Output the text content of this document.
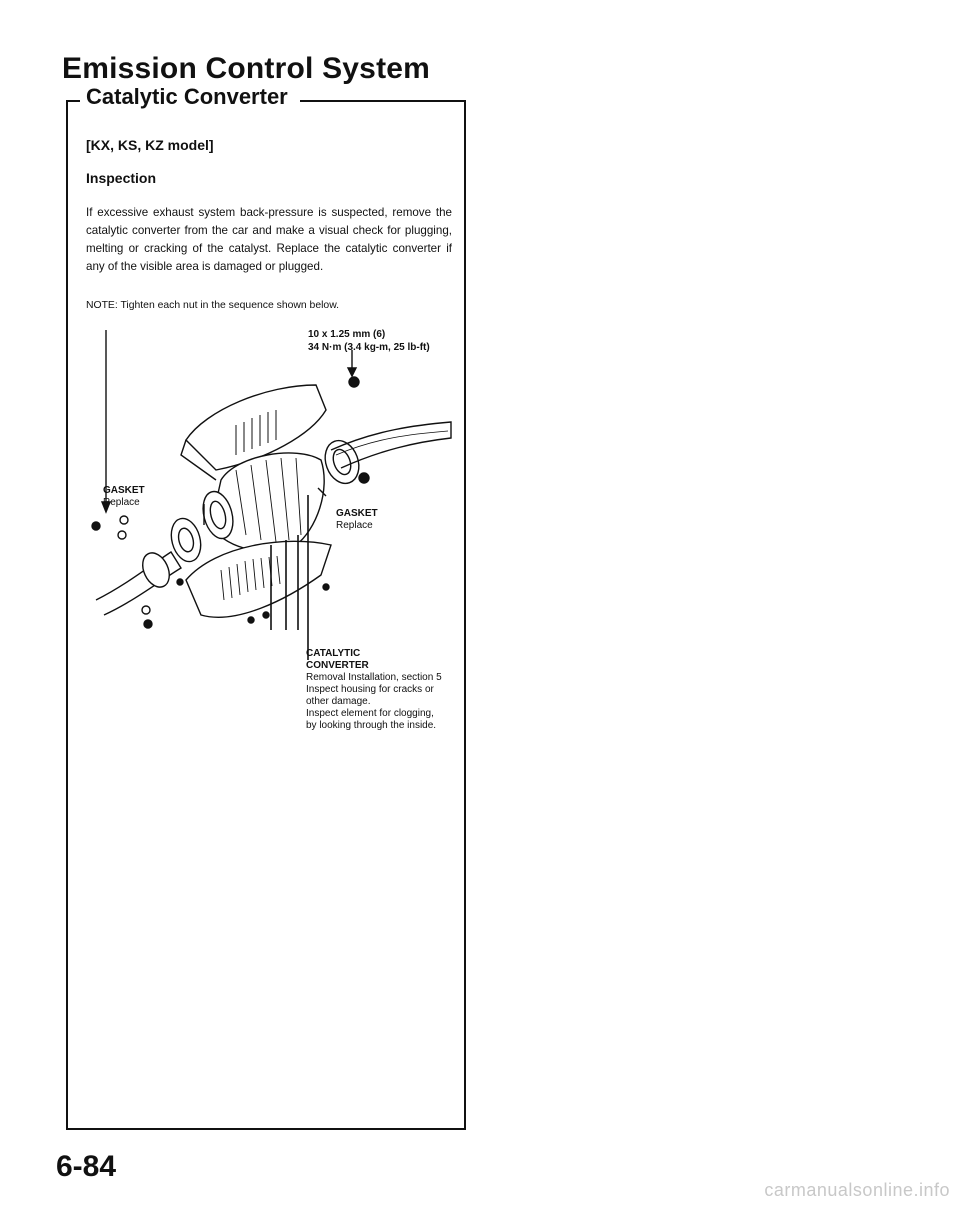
Emission Control System
Catalytic Converter

[KX, KS, KZ model]

Inspection

If excessive exhaust system back-pressure is suspected, remove the catalytic converter from the car and make a visual check for plugging, melting or cracking of the catalyst. Replace the catalytic converter if any of the visible area is damaged or plugged.

NOTE: Tighten each nut in the sequence shown below.

10 x 1.25 mm (6)
34 N·m (3.4 kg-m, 25 lb-ft)
GASKET
Replace
GASKET
Replace
CATALYTIC
CONVERTER
Removal Installation, section 5
Inspect housing for cracks or
other damage.
Inspect element for clogging,
by looking through the inside.

6-84

carmanualsonline.info
